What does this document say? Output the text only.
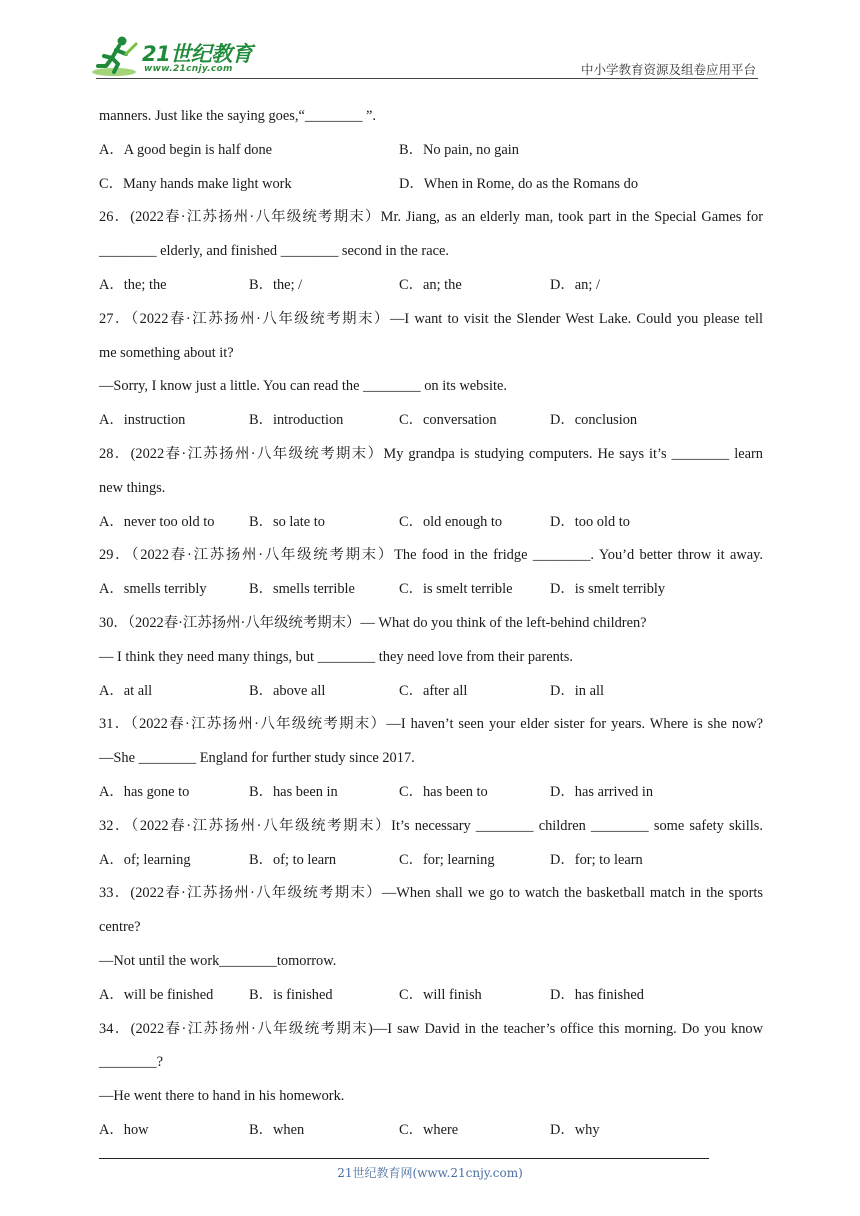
21世纪教育
www.21cnjy.com	中小学教育资源及组卷应用平台
manners. Just like the saying goes,“________ ”.
A．A good begin is half done	B．No pain, no gain
C．Many hands make light work	D．When in Rome, do as the Romans do
26．(2022春·江苏扬州·八年级统考期末）Mr. Jiang, as an elderly man, took part in the Special Games for
________ elderly, and finished ________ second in the race.
A．the; the	B．the; /	C．an; the	D．an; /
27．（2022春·江苏扬州·八年级统考期末）—I want to visit the Slender West Lake. Could you please tell
me something about it?
—Sorry, I know just a little. You can read the ________ on its website.
A．instruction	B．introduction	C．conversation	D．conclusion
28．(2022春·江苏扬州·八年级统考期末）My grandpa is studying computers. He says it’s ________ learn
new things.
A．never too old to B．so late to	C．old enough to	D．too old to
29．（2022春·江苏扬州·八年级统考期末）The food in the fridge ________. You’d better throw it away.
A．smells terribly	B．smells terrible	C．is smelt terrible	D．is smelt terribly
30．（2022春·江苏扬州·八年级统考期末）— What do you think of the left-behind children?
— I think they need many things, but ________ they need love from their parents.
A．at all	B．above all	C．after all	D．in all
31．（2022春·江苏扬州·八年级统考期末）—I haven’t seen your elder sister for years. Where is she now?
—She ________ England for further study since 2017.
A．has gone to	B．has been in	C．has been to	D．has arrived in
32．（2022春·江苏扬州·八年级统考期末）It’s necessary ________ children ________ some safety skills.
A．of; learning	B．of; to learn	C．for; learning	D．for; to learn
33．(2022春·江苏扬州·八年级统考期末）—When shall we go to watch the basketball match in the sports
centre?
—Not until the work________tomorrow.
A．will be finished B．is finished	C．will finish	D．has finished
34．(2022春·江苏扬州·八年级统考期末)—I saw David in the teacher’s office this morning. Do you know
________?
—He went there to hand in his homework.
A．how	B．when	C．where	D．why
21世纪教育网(www.21cnjy.com)
